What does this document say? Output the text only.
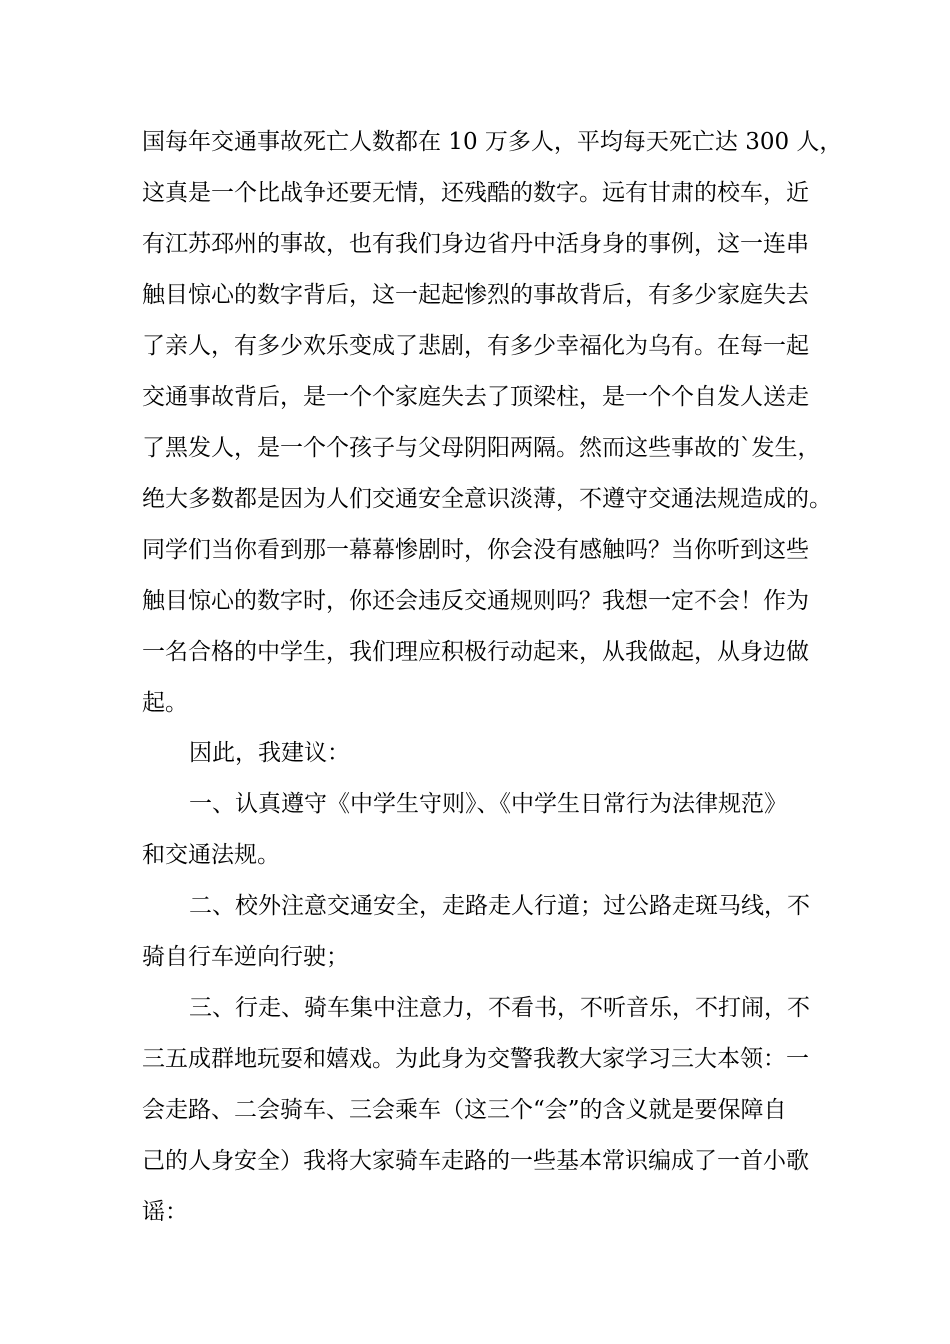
国每年交通事故死亡人数都在 10 万多人，平均每天死亡达 300 人，
这真是一个比战争还要无情，还残酷的数字。远有甘肃的校车，近
有江苏邳州的事故，也有我们身边省丹中活身身的事例，这一连串
触目惊心的数字背后，这一起起惨烈的事故背后，有多少家庭失去
了亲人，有多少欢乐变成了悲剧，有多少幸福化为乌有。在每一起
交通事故背后，是一个个家庭失去了顶梁柱，是一个个自发人送走
了黑发人，是一个个孩子与父母阴阳两隔。然而这些事故的`发生，
绝大多数都是因为人们交通安全意识淡薄，不遵守交通法规造成的。
同学们当你看到那一幕幕惨剧时，你会没有感触吗？当你听到这些
触目惊心的数字时，你还会违反交通规则吗？我想一定不会！作为
一名合格的中学生，我们理应积极行动起来，从我做起，从身边做
起。
因此，我建议：
一、认真遵守《中学生守则》、《中学生日常行为法律规范》
和交通法规。
二、校外注意交通安全，走路走人行道；过公路走斑马线，不
骑自行车逆向行驶；
三、行走、骑车集中注意力，不看书，不听音乐，不打闹，不
三五成群地玩耍和嬉戏。为此身为交警我教大家学习三大本领：一
会走路、二会骑车、三会乘车（这三个“会”的含义就是要保障自
己的人身安全）我将大家骑车走路的一些基本常识编成了一首小歌
谣：
